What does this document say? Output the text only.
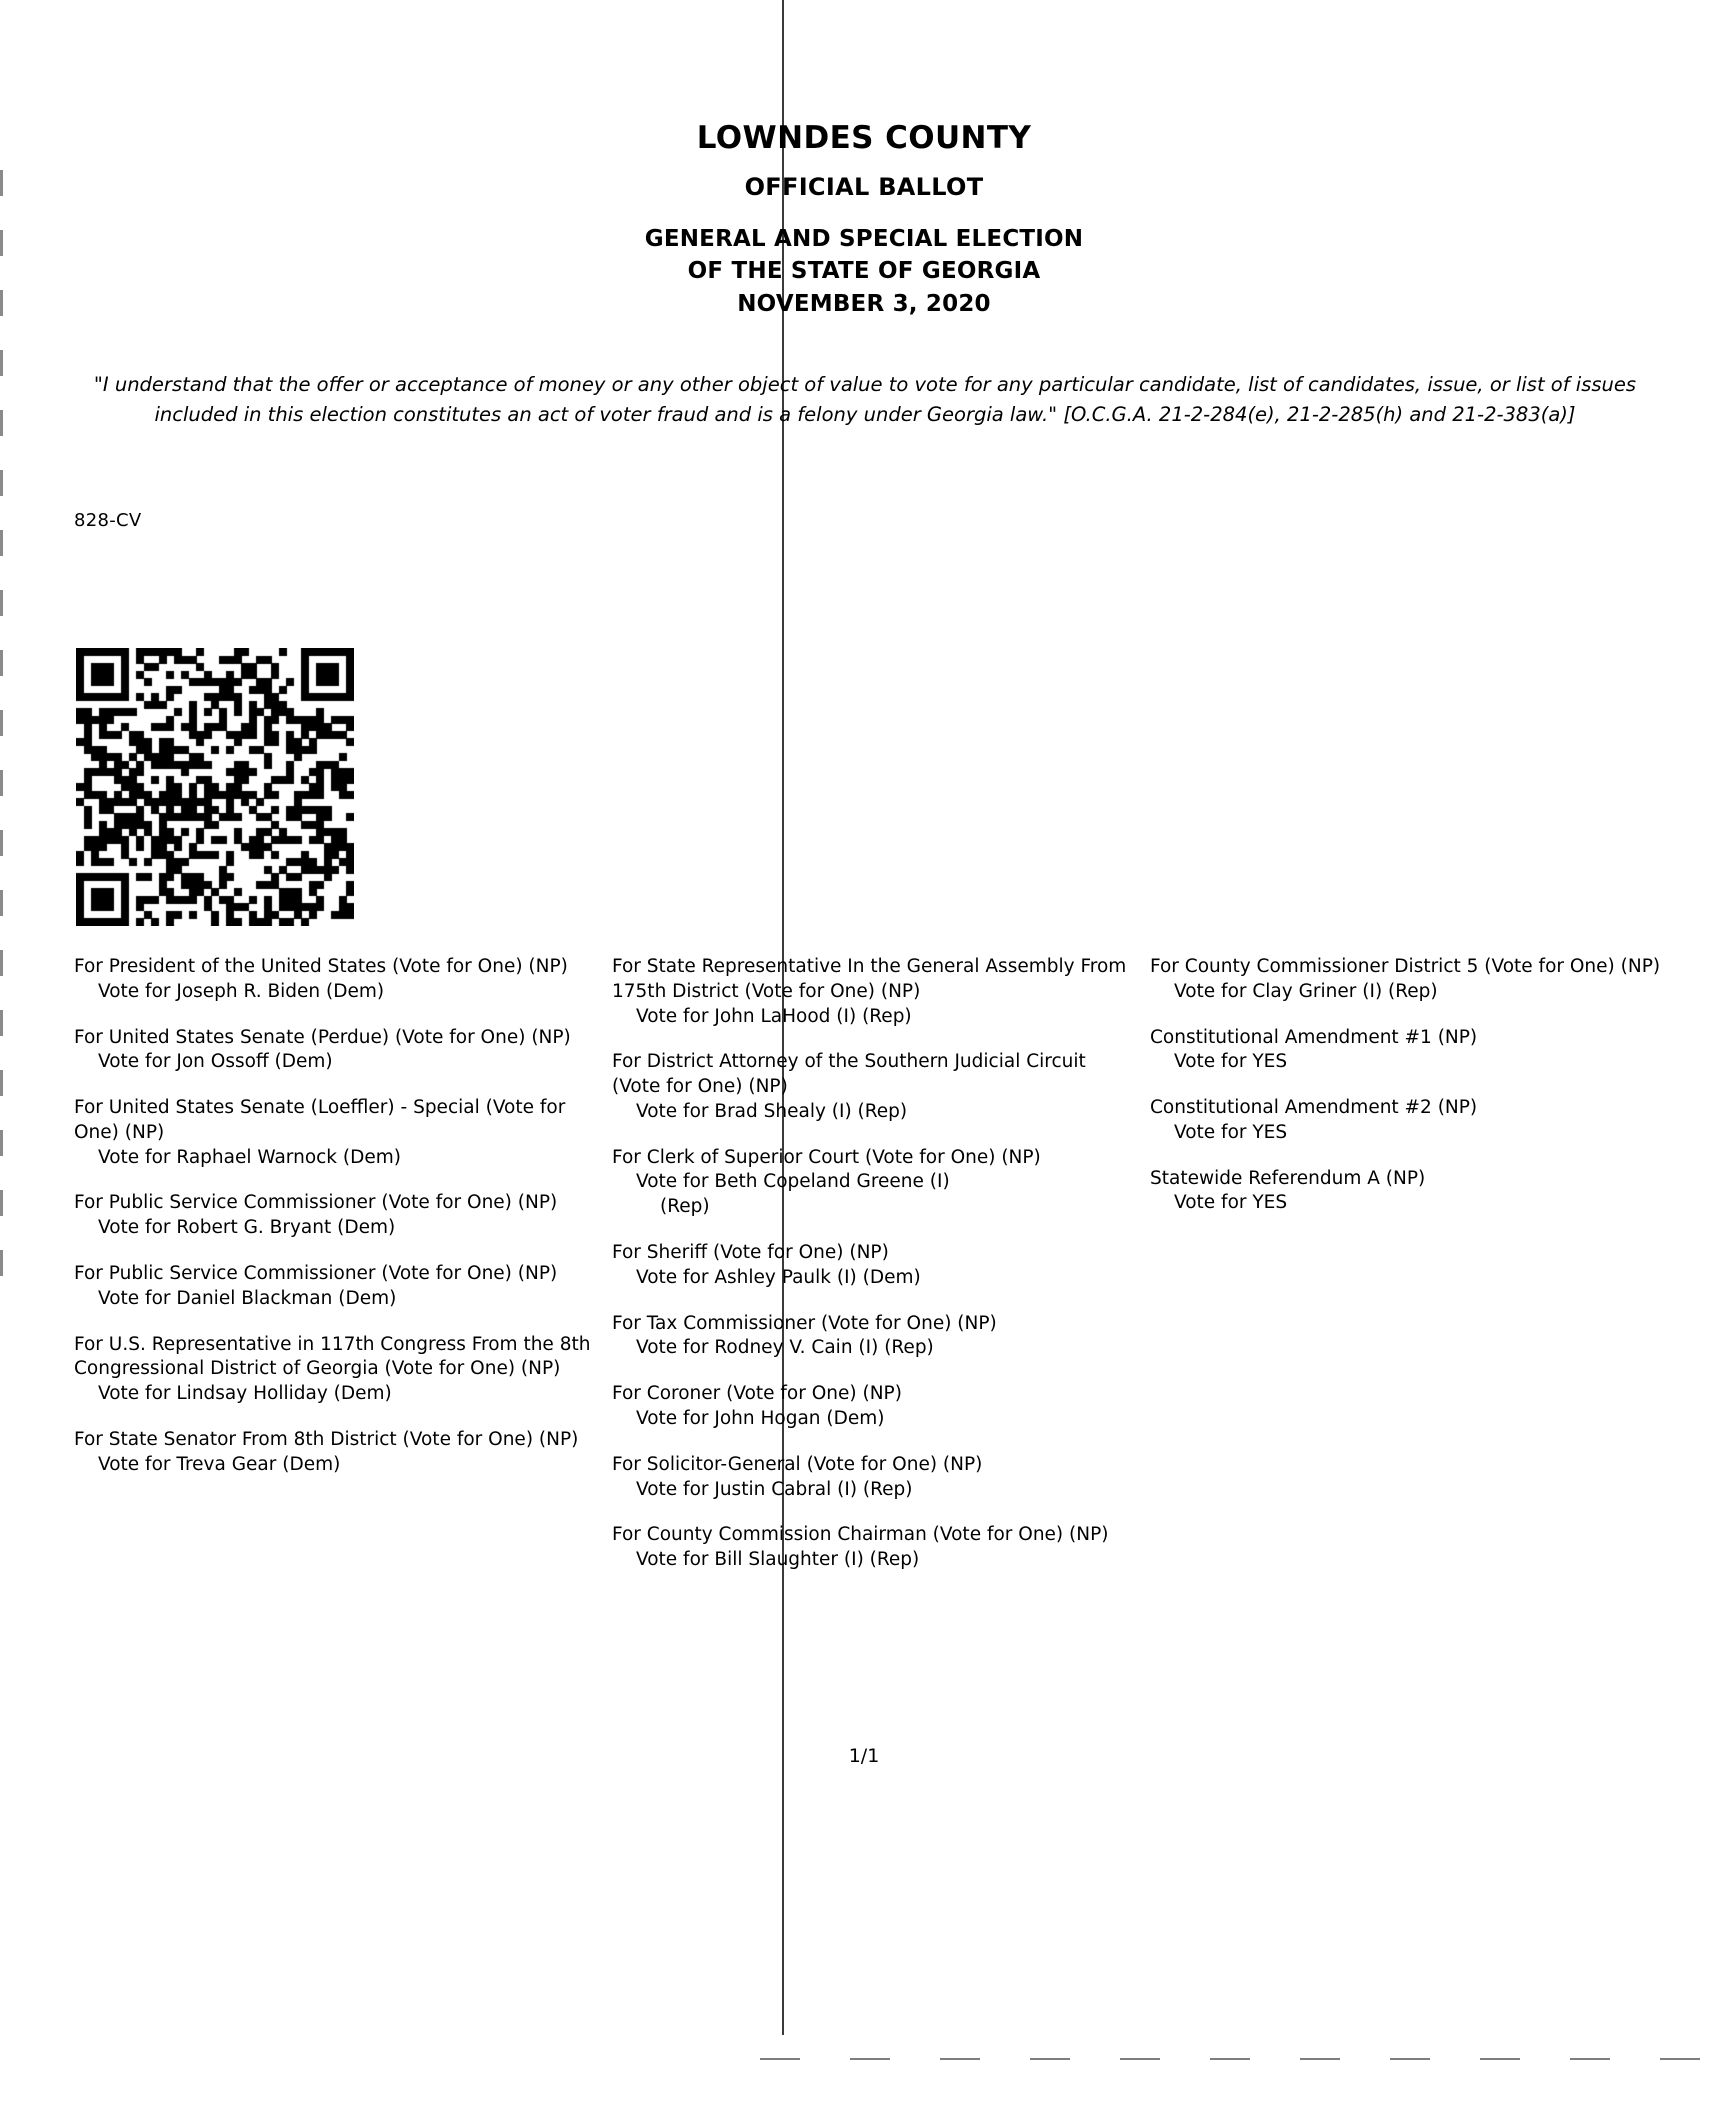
LOWNDES COUNTY
OFFICIAL BALLOT
GENERAL AND SPECIAL ELECTION
OF THE STATE OF GEORGIA
NOVEMBER 3, 2020
"I understand that the offer or acceptance of money or any other object of value to vote for any particular candidate, list of candidates, issue, or list of issues included in this election constitutes an act of voter fraud and is a felony under Georgia law." [O.C.G.A. 21-2-284(e), 21-2-285(h) and 21-2-383(a)]
828-CV
For President of the United States (Vote for One) (NP)
Vote for Joseph R. Biden (Dem)
For United States Senate (Perdue) (Vote for One) (NP)
Vote for Jon Ossoff (Dem)
For United States Senate (Loeffler) - Special (Vote for One) (NP)
Vote for Raphael Warnock (Dem)
For Public Service Commissioner (Vote for One) (NP)
Vote for Robert G. Bryant (Dem)
For Public Service Commissioner (Vote for One) (NP)
Vote for Daniel Blackman (Dem)
For U.S. Representative in 117th Congress From the 8th Congressional District of Georgia (Vote for One) (NP)
Vote for Lindsay Holliday (Dem)
For State Senator From 8th District (Vote for One) (NP)
Vote for Treva Gear (Dem)
For State Representative In the General Assembly From 175th District (Vote for One) (NP)
Vote for John LaHood (I) (Rep)
For District Attorney of the Southern Judicial Circuit (Vote for One) (NP)
Vote for Brad Shealy (I) (Rep)
For Clerk of Superior Court (Vote for One) (NP)
Vote for Beth Copeland Greene (I)
(Rep)
For Sheriff (Vote for One) (NP)
Vote for Ashley Paulk (I) (Dem)
For Tax Commissioner (Vote for One) (NP)
Vote for Rodney V. Cain (I) (Rep)
For Coroner (Vote for One) (NP)
Vote for John Hogan (Dem)
For Solicitor-General (Vote for One) (NP)
Vote for Justin Cabral (I) (Rep)
For County Commission Chairman (Vote for One) (NP)
Vote for Bill Slaughter (I) (Rep)
For County Commissioner District 5 (Vote for One) (NP)
Vote for Clay Griner (I) (Rep)
Constitutional Amendment #1 (NP)
Vote for YES
Constitutional Amendment #2 (NP)
Vote for YES
Statewide Referendum A (NP)
Vote for YES
1/1
